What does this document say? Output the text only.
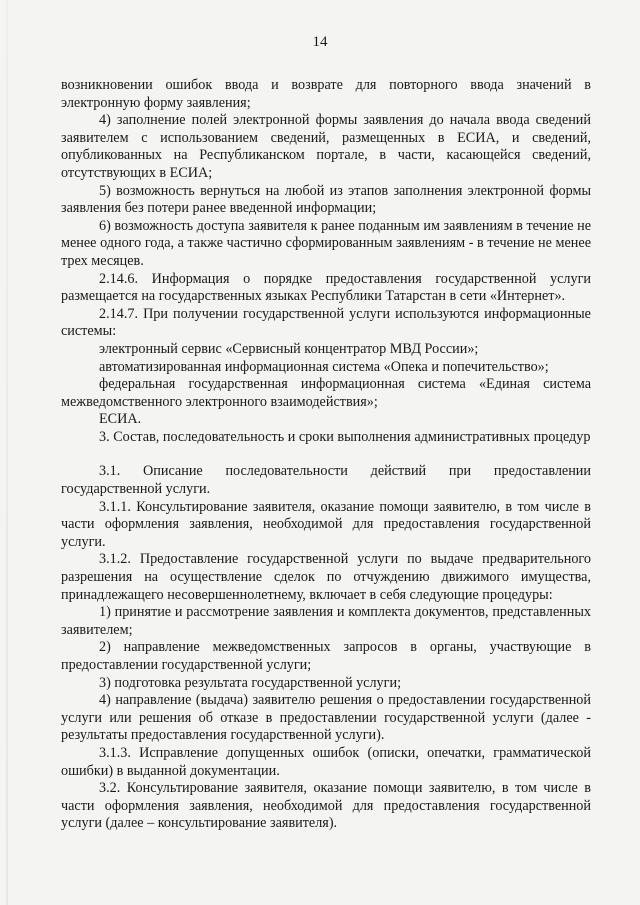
14

возникновении ошибок ввода и возврате для повторного ввода значений в электронную форму заявления;

4) заполнение полей электронной формы заявления до начала ввода сведений заявителем с использованием сведений, размещенных в ЕСИА, и сведений, опубликованных на Республиканском портале, в части, касающейся сведений, отсутствующих в ЕСИА;

5) возможность вернуться на любой из этапов заполнения электронной формы заявления без потери ранее введенной информации;

6) возможность доступа заявителя к ранее поданным им заявлениям в течение не менее одного года, а также частично сформированным заявлениям - в течение не менее трех месяцев.

2.14.6. Информация о порядке предоставления государственной услуги размещается на государственных языках Республики Татарстан в сети «Интернет».

2.14.7. При получении государственной услуги используются информационные системы:

электронный сервис «Сервисный концентратор МВД России»;

автоматизированная информационная система «Опека и попечительство»;

федеральная государственная информационная система «Единая система межведомственного электронного взаимодействия»;

ЕСИА.

3. Состав, последовательность и сроки выполнения административных процедур

3.1. Описание последовательности действий при предоставлении государственной услуги.

3.1.1. Консультирование заявителя, оказание помощи заявителю, в том числе в части оформления заявления, необходимой для предоставления государственной услуги.

3.1.2. Предоставление государственной услуги по выдаче предварительного разрешения на осуществление сделок по отчуждению движимого имущества, принадлежащего несовершеннолетнему, включает в себя следующие процедуры:

1) принятие и рассмотрение заявления и комплекта документов, представленных заявителем;

2) направление межведомственных запросов в органы, участвующие в предоставлении государственной услуги;

3) подготовка результата государственной услуги;

4) направление (выдача) заявителю решения о предоставлении государственной услуги или решения об отказе в предоставлении государственной услуги (далее - результаты предоставления государственной услуги).

3.1.3. Исправление допущенных ошибок (описки, опечатки, грамматической ошибки) в выданной документации.

3.2. Консультирование заявителя, оказание помощи заявителю, в том числе в части оформления заявления, необходимой для предоставления государственной услуги (далее – консультирование заявителя).
